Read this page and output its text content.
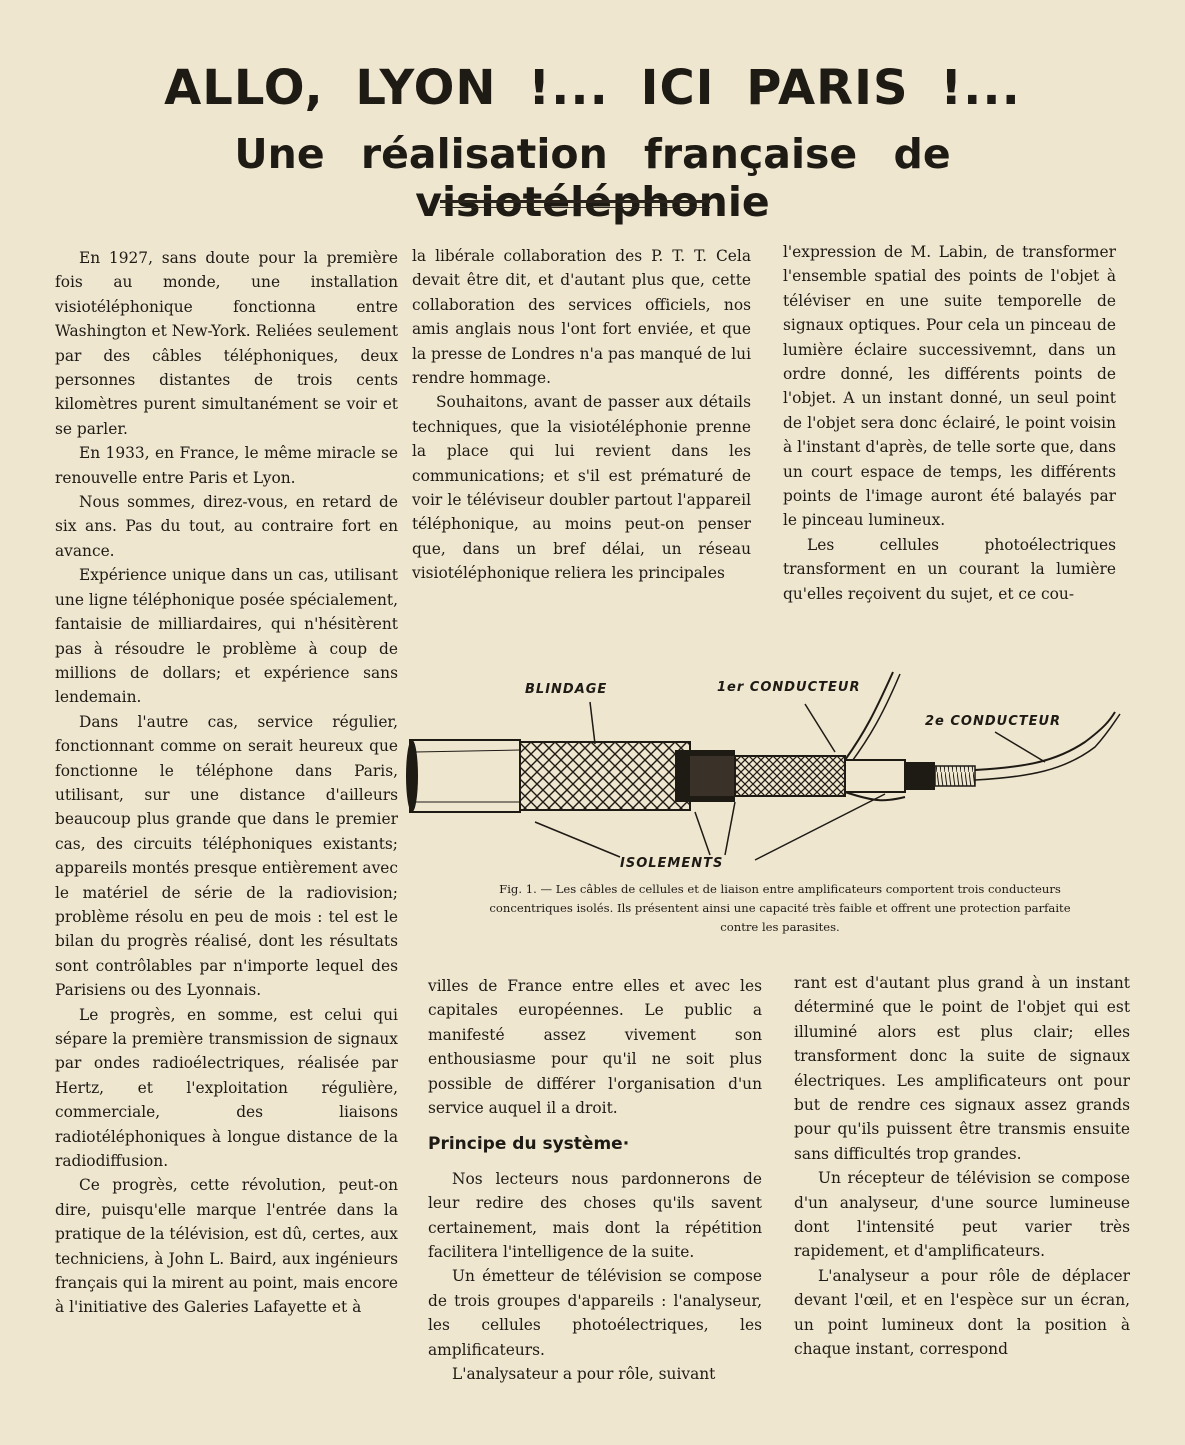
ALLO, LYON !... ICI PARIS !...
Une réalisation française de visiotéléphonie

En 1927, sans doute pour la première fois au monde, une installation visiotéléphonique fonctionna entre Washington et New-York. Reliées seulement par des câbles téléphoniques, deux personnes distantes de trois cents kilomètres purent simultanément se voir et se parler.

En 1933, en France, le même miracle se renouvelle entre Paris et Lyon.

Nous sommes, direz-vous, en retard de six ans. Pas du tout, au contraire fort en avance.

Expérience unique dans un cas, utilisant une ligne téléphonique posée spécialement, fantaisie de milliardaires, qui n'hésitèrent pas à résoudre le problème à coup de millions de dollars; et expérience sans lendemain.

Dans l'autre cas, service régulier, fonctionnant comme on serait heureux que fonctionne le téléphone dans Paris, utilisant, sur une distance d'ailleurs beaucoup plus grande que dans le premier cas, des circuits téléphoniques existants; appareils montés presque entièrement avec le matériel de série de la radiovision; problème résolu en peu de mois : tel est le bilan du progrès réalisé, dont les résultats sont contrôlables par n'importe lequel des Parisiens ou des Lyonnais.

Le progrès, en somme, est celui qui sépare la première transmission de signaux par ondes radioélectriques, réalisée par Hertz, et l'exploitation régulière, commerciale, des liaisons radiotéléphoniques à longue distance de la radiodiffusion.

Ce progrès, cette révolution, peut-on dire, puisqu'elle marque l'entrée dans la pratique de la télévision, est dû, certes, aux techniciens, à John L. Baird, aux ingénieurs français qui la mirent au point, mais encore à l'initiative des Galeries Lafayette et à

la libérale collaboration des P. T. T. Cela devait être dit, et d'autant plus que, cette collaboration des services officiels, nos amis anglais nous l'ont fort enviée, et que la presse de Londres n'a pas manqué de lui rendre hommage.

Souhaitons, avant de passer aux détails techniques, que la visiotéléphonie prenne la place qui lui revient dans les communications; et s'il est prématuré de voir le téléviseur doubler partout l'appareil téléphonique, au moins peut-on penser que, dans un bref délai, un réseau visiotéléphonique reliera les principales

l'expression de M. Labin, de transformer l'ensemble spatial des points de l'objet à téléviser en une suite temporelle de signaux optiques. Pour cela un pinceau de lumière éclaire successivemnt, dans un ordre donné, les différents points de l'objet. A un instant donné, un seul point de l'objet sera donc éclairé, le point voisin à l'instant d'après, de telle sorte que, dans un court espace de temps, les différents points de l'image auront été balayés par le pinceau lumineux.

Les cellules photoélectriques transforment en un courant la lumière qu'elles reçoivent du sujet, et ce cou-

BLINDAGE	1er CONDUCTEUR
2e CONDUCTEUR
ISOLEMENTS
Fig. 1. — Les câbles de cellules et de liaison entre amplificateurs comportent trois conducteurs
concentriques isolés. Ils présentent ainsi une capacité très faible et offrent une protection parfaite
contre les parasites.

villes de France entre elles et avec les capitales européennes. Le public a manifesté assez vivement son enthousiasme pour qu'il ne soit plus possible de différer l'organisation d'un service auquel il a droit.

Principe du système·

Nos lecteurs nous pardonnerons de leur redire des choses qu'ils savent certainement, mais dont la répétition facilitera l'intelligence de la suite.

Un émetteur de télévision se compose de trois groupes d'appareils : l'analyseur, les cellules photoélectriques, les amplificateurs.

L'analysateur a pour rôle, suivant

rant est d'autant plus grand à un instant déterminé que le point de l'objet qui est illuminé alors est plus clair; elles transforment donc la suite de signaux électriques. Les amplificateurs ont pour but de rendre ces signaux assez grands pour qu'ils puissent être transmis ensuite sans difficultés trop grandes.

Un récepteur de télévision se compose d'un analyseur, d'une source lumineuse dont l'intensité peut varier très rapidement, et d'amplificateurs.

L'analyseur a pour rôle de déplacer devant l'œil, et en l'espèce sur un écran, un point lumineux dont la position à chaque instant, correspond
